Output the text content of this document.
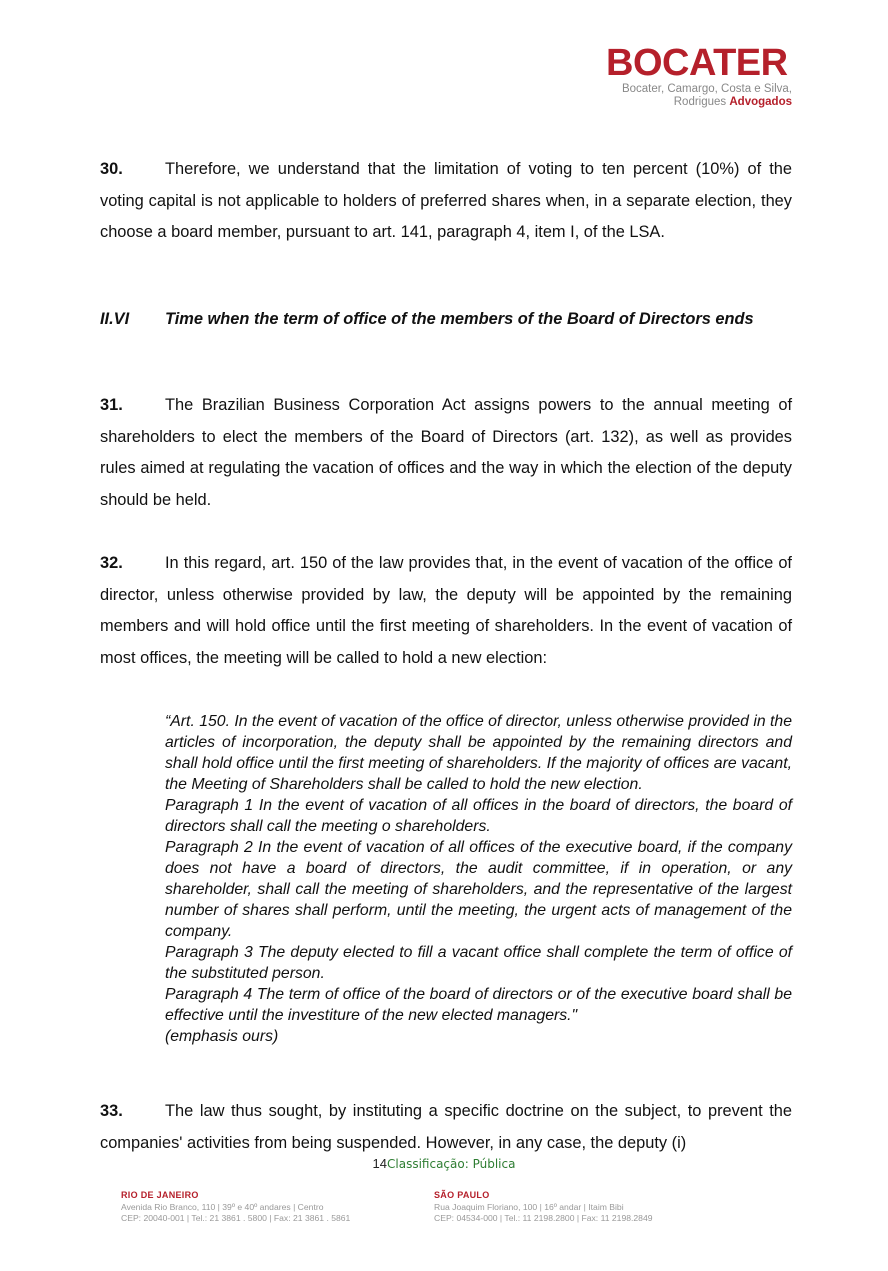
BOCATER
Bocater, Camargo, Costa e Silva,
Rodrigues Advogados
30.	Therefore, we understand that the limitation of voting to ten percent (10%) of the voting capital is not applicable to holders of preferred shares when, in a separate election, they choose a board member, pursuant to art. 141, paragraph 4, item I, of the LSA.
II.VI Time when the term of office of the members of the Board of Directors ends
31.	The Brazilian Business Corporation Act assigns powers to the annual meeting of shareholders to elect the members of the Board of Directors (art. 132), as well as provides rules aimed at regulating the vacation of offices and the way in which the election of the deputy should be held.
32.	In this regard, art. 150 of the law provides that, in the event of vacation of the office of director, unless otherwise provided by law, the deputy will be appointed by the remaining members and will hold office until the first meeting of shareholders. In the event of vacation of most offices, the meeting will be called to hold a new election:

“Art. 150. In the event of vacation of the office of director, unless otherwise provided in the articles of incorporation, the deputy shall be appointed by the remaining directors and shall hold office until the first meeting of shareholders. If the majority of offices are vacant, the Meeting of Shareholders shall be called to hold the new election.

Paragraph 1 In the event of vacation of all offices in the board of directors, the board of directors shall call the meeting o shareholders.

Paragraph 2 In the event of vacation of all offices of the executive board, if the company does not have a board of directors, the audit committee, if in operation, or any shareholder, shall call the meeting of shareholders, and the representative of the largest number of shares shall perform, until the meeting, the urgent acts of management of the company.

Paragraph 3 The deputy elected to fill a vacant office shall complete the term of office of the substituted person.

Paragraph 4 The term of office of the board of directors or of the executive board shall be effective until the investiture of the new elected managers."

(emphasis ours)

33.	The law thus sought, by instituting a specific doctrine on the subject, to prevent the companies' activities from being suspended. However, in any case, the deputy (i)
14Classificação: Pública
RIO DE JANEIRO
Avenida Rio Branco, 110 | 39º e 40º andares | Centro
CEP: 20040-001 | Tel.: 21 3861 . 5800 | Fax: 21 3861 . 5861
SÃO PAULO
Rua Joaquim Floriano, 100 | 16º andar | Itaim Bibi
CEP: 04534-000 | Tel.: 11 2198.2800 | Fax: 11 2198.2849
